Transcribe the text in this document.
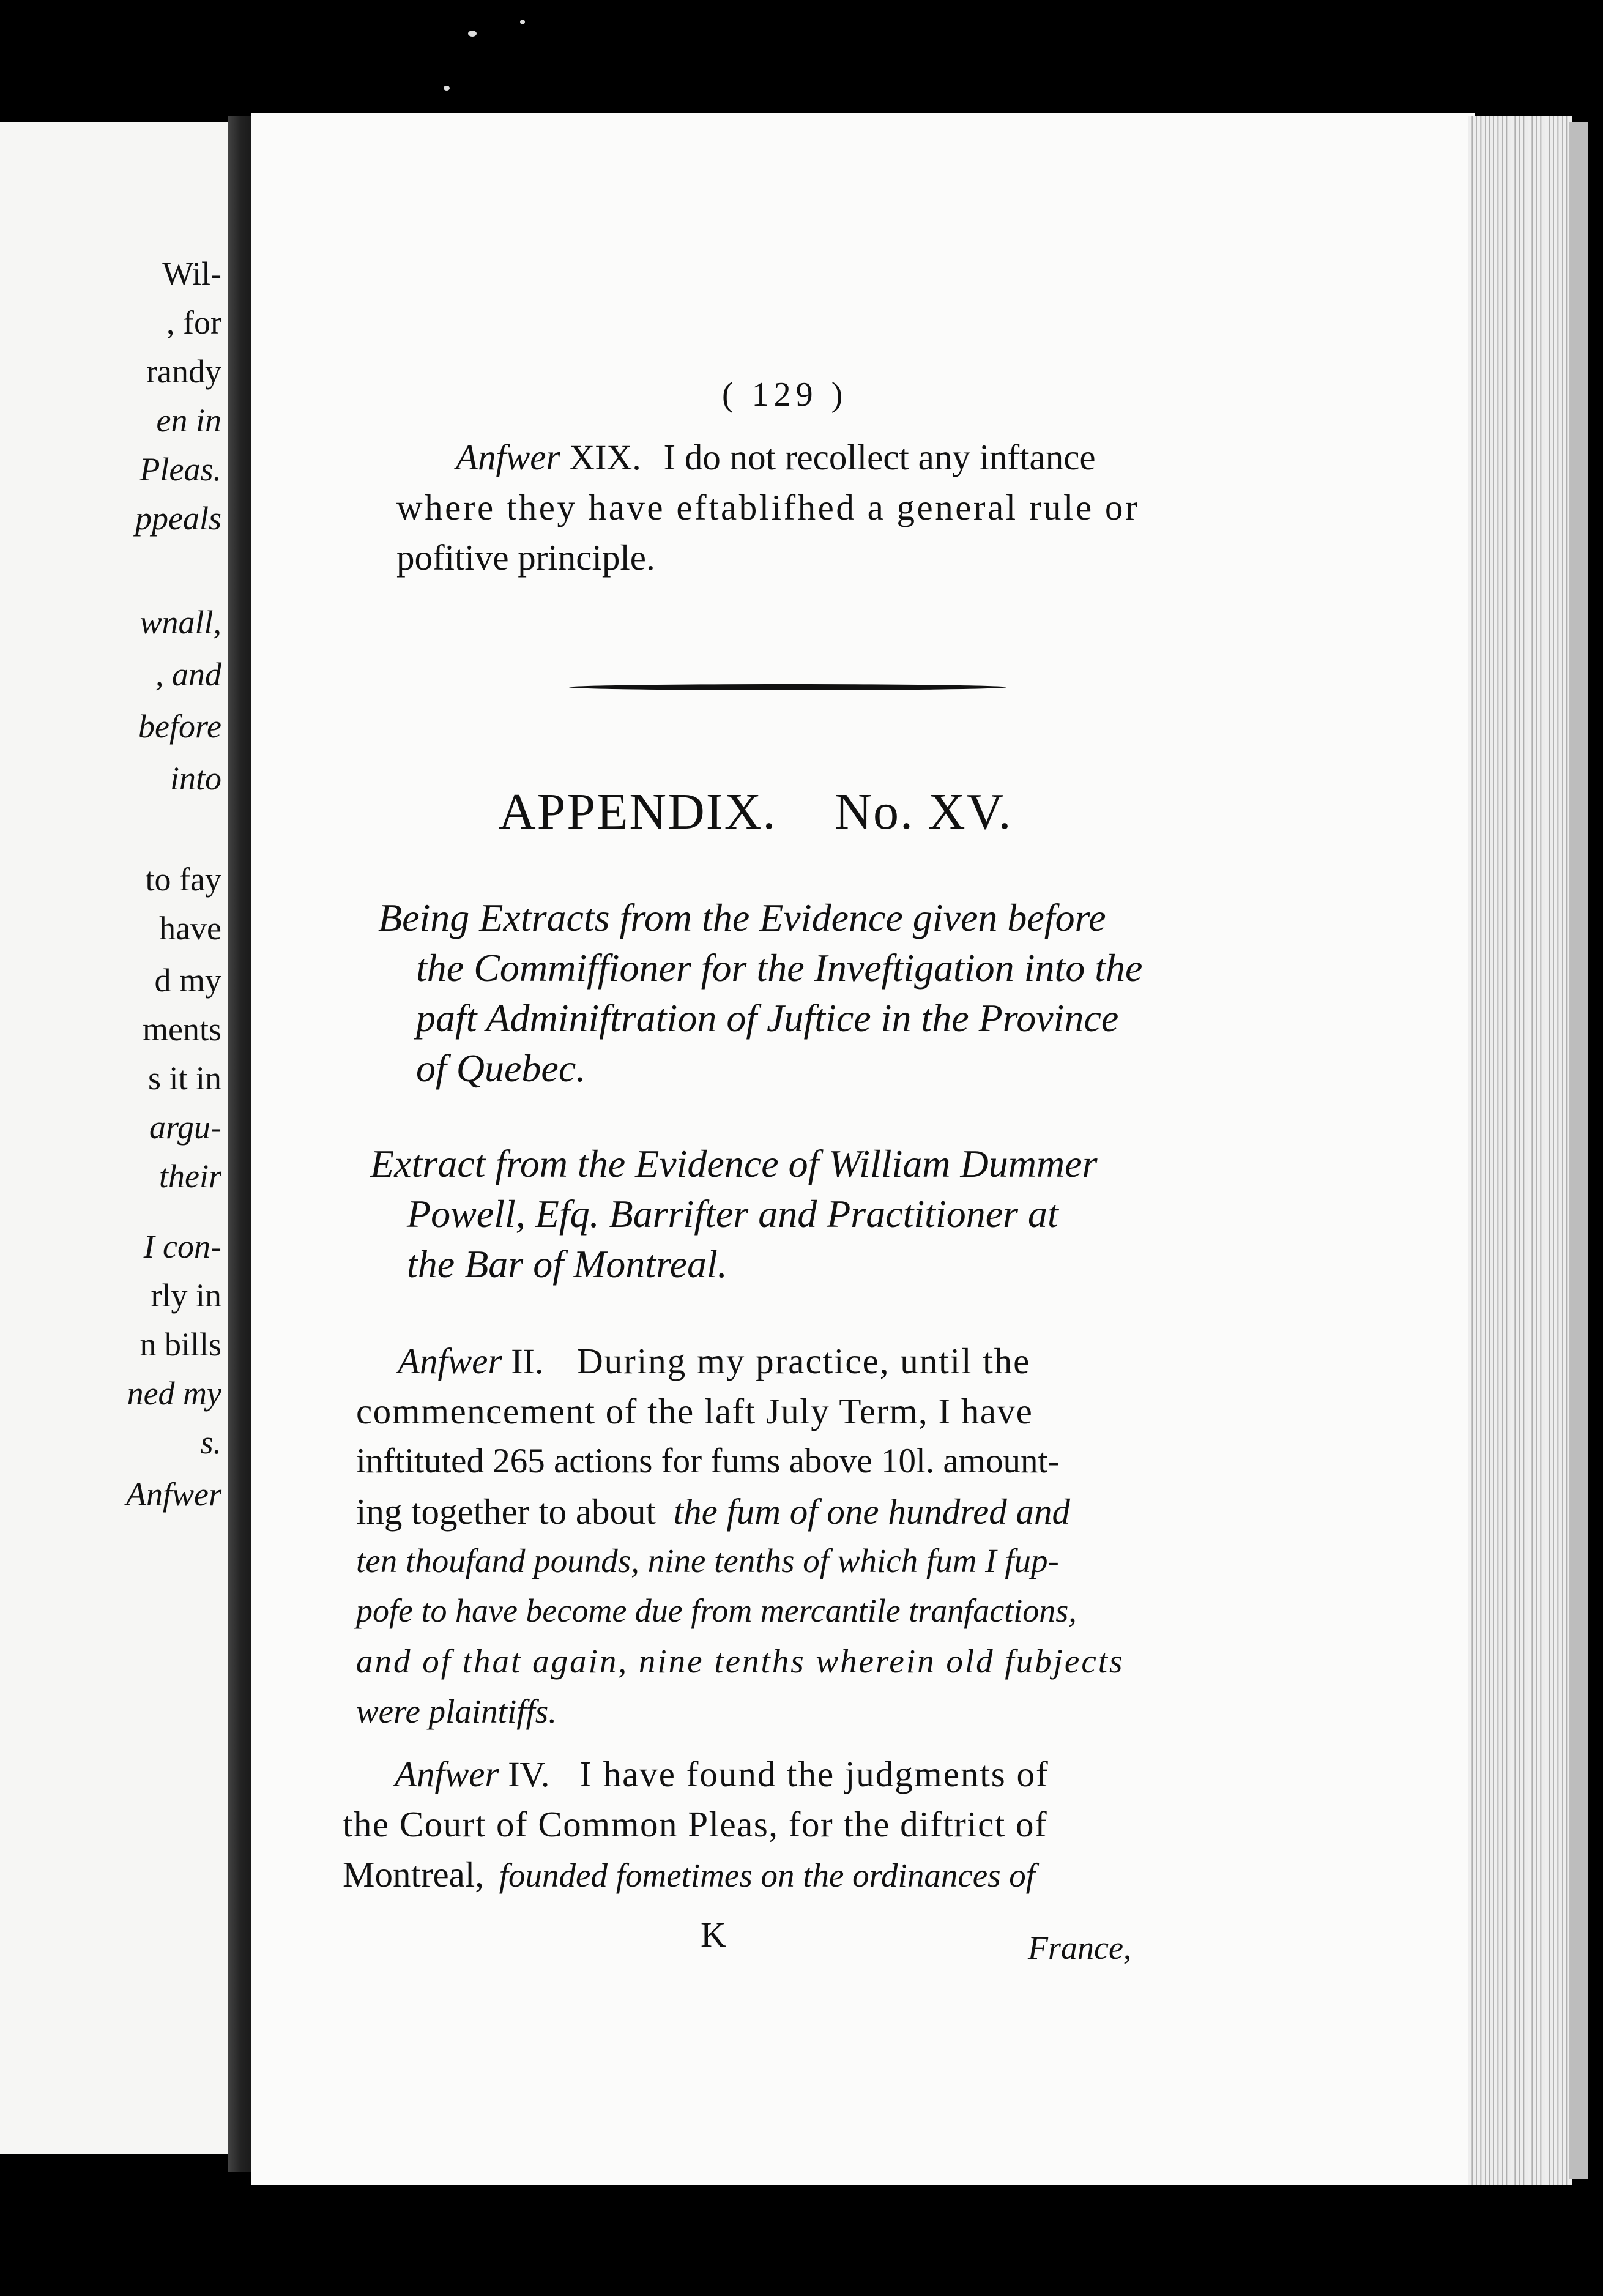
Wil-
, for
randy
en in
Pleas.
ppeals
wnall,
, and
before
into
to fay
have
d my
ments
s it in
argu-
their
I con-
rly in
n bills
ned my
s.
Anfwer
( 129 )
Anfwer XIX. I do not recollect any inftance
where they have eftablifhed a general rule or
pofitive principle.
APPENDIX. No. XV.
Being Extracts from the Evidence given before
the Commiffioner for the Inveftigation into the
paft Adminiftration of Juftice in the Province
of Quebec.
Extract from the Evidence of William Dummer
Powell, Efq. Barrifter and Practitioner at
the Bar of Montreal.
Anfwer II. During my practice, until the
commencement of the laft July Term, I have
inftituted 265 actions for fums above 10l. amount-
ing together to about the fum of one hundred and
ten thoufand pounds, nine tenths of which fum I fup-
pofe to have become due from mercantile tranfactions,
and of that again, nine tenths wherein old fubjects
were plaintiffs.
Anfwer IV. I have found the judgments of
the Court of Common Pleas, for the diftrict of
Montreal, founded fometimes on the ordinances of
K	France,
